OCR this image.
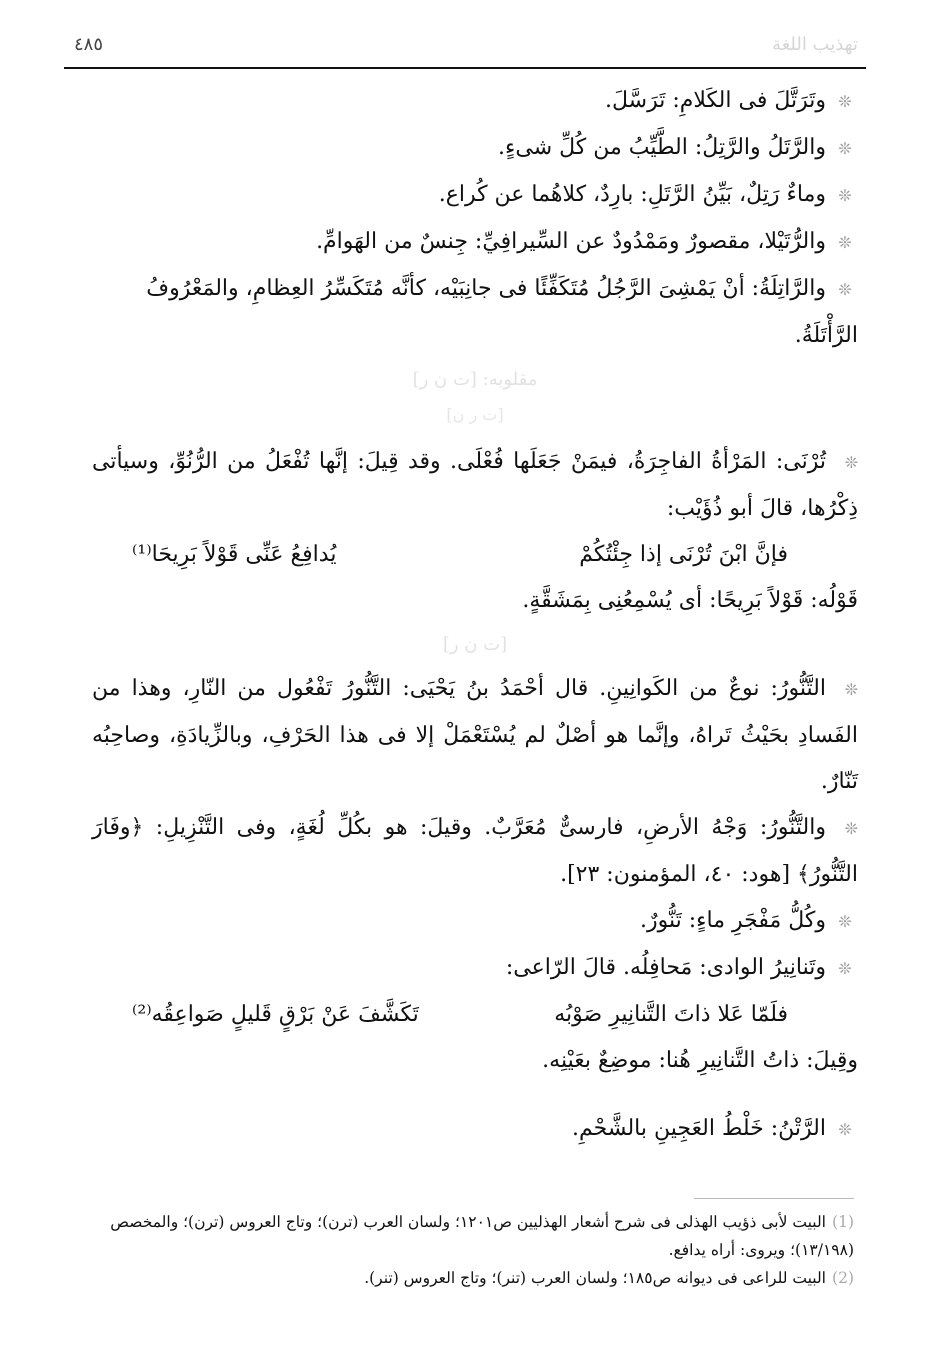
٤٨٥	تهذيب اللغة

❊وتَرَتَّلَ فى الكَلامِ: تَرَسَّلَ.

❊والرَّتَلُ والرَّتِلُ: الطَّيِّبُ من كُلِّ شىءٍ.

❊وماءٌ رَتِلٌ، بَيِّنُ الرَّتَلِ: بارِدٌ، كلاهُما عن كُراع.

❊والرُّتَيْلا، مقصورٌ ومَمْدُودٌ عن السِّيرافِيِّ: جِنسٌ من الهَوامِّ.

❊والرَّاتِلَةُ: أنْ يَمْشِىَ الرَّجُلُ مُتَكَفِّئًا فى جانِبَيْه، كأنَّه مُتَكَسِّرُ العِظامِ، والمَعْرُوفُ الرَّأْتَلَةُ.

مقلوبه: [ت ن ر]
[ت ر ن]

❊تُرْنَى: المَرْأةُ الفاجِرَةُ، فيمَنْ جَعَلَها فُعْلَى. وقد قِيلَ: إنَّها تُفْعَلُ من الرُّنُوِّ، وسيأتى ذِكْرُها، قالَ أبو ذُؤَيْب:

فإنَّ ابْنَ تُرْنَى إذا جِئْتُكُمْ
يُدافِعُ عَنِّى قَوْلاً بَرِيحَا⁽¹⁾

قَوْلُه: قَوْلاً بَرِيحًا: أى يُسْمِعُنِى بِمَشَقَّةٍ.

[ت ن ر]

❊التَّنُّورُ: نوعٌ من الكَوانِينِ. قال أحْمَدُ بنُ يَحْيَى: التَّنُّورُ تَفْعُول من النّارِ، وهذا من الفَسادِ بحَيْثُ تَراهُ، وإنَّما هو أصْلٌ لم يُسْتَعْمَلْ إلا فى هذا الحَرْفِ، وبالزِّيادَةِ، وصاحِبُه تَنّارٌ.

❊والتَّنُّورُ: وَجْهُ الأرضِ، فارسىٌّ مُعَرَّبٌ. وقيلَ: هو بكُلِّ لُغَةٍ، وفى التَّنْزِيلِ: ﴿وفَارَ التَّنُّورُ﴾ [هود: ٤٠، المؤمنون: ٢٣].

❊وكُلُّ مَفْجَرِ ماءٍ: تَنُّورٌ.

❊وتَنانِيرُ الوادى: مَحافِلُه. قالَ الرّاعى:

فلَمّا عَلا ذاتَ التَّنانِيرِ صَوْبُه
تَكَشَّفَ عَنْ بَرْقٍ قَليلٍ صَواعِقُه⁽²⁾

وقِيلَ: ذاتُ التَّنانِيرِ هُنا: موضِعٌ بعَيْنِه.

❊الرَّتْنُ: خَلْطُ العَجِينِ بالشَّحْمِ.

(1)البيت لأبى ذؤيب الهذلى فى شرح أشعار الهذليين ص١٢٠١؛ ولسان العرب (ترن)؛ وتاج العروس (ترن)؛ والمخصص (١٣/١٩٨)؛ ويروى: أراه يدافع.

(2)البيت للراعى فى ديوانه ص١٨٥؛ ولسان العرب (تنر)؛ وتاج العروس (تنر).
